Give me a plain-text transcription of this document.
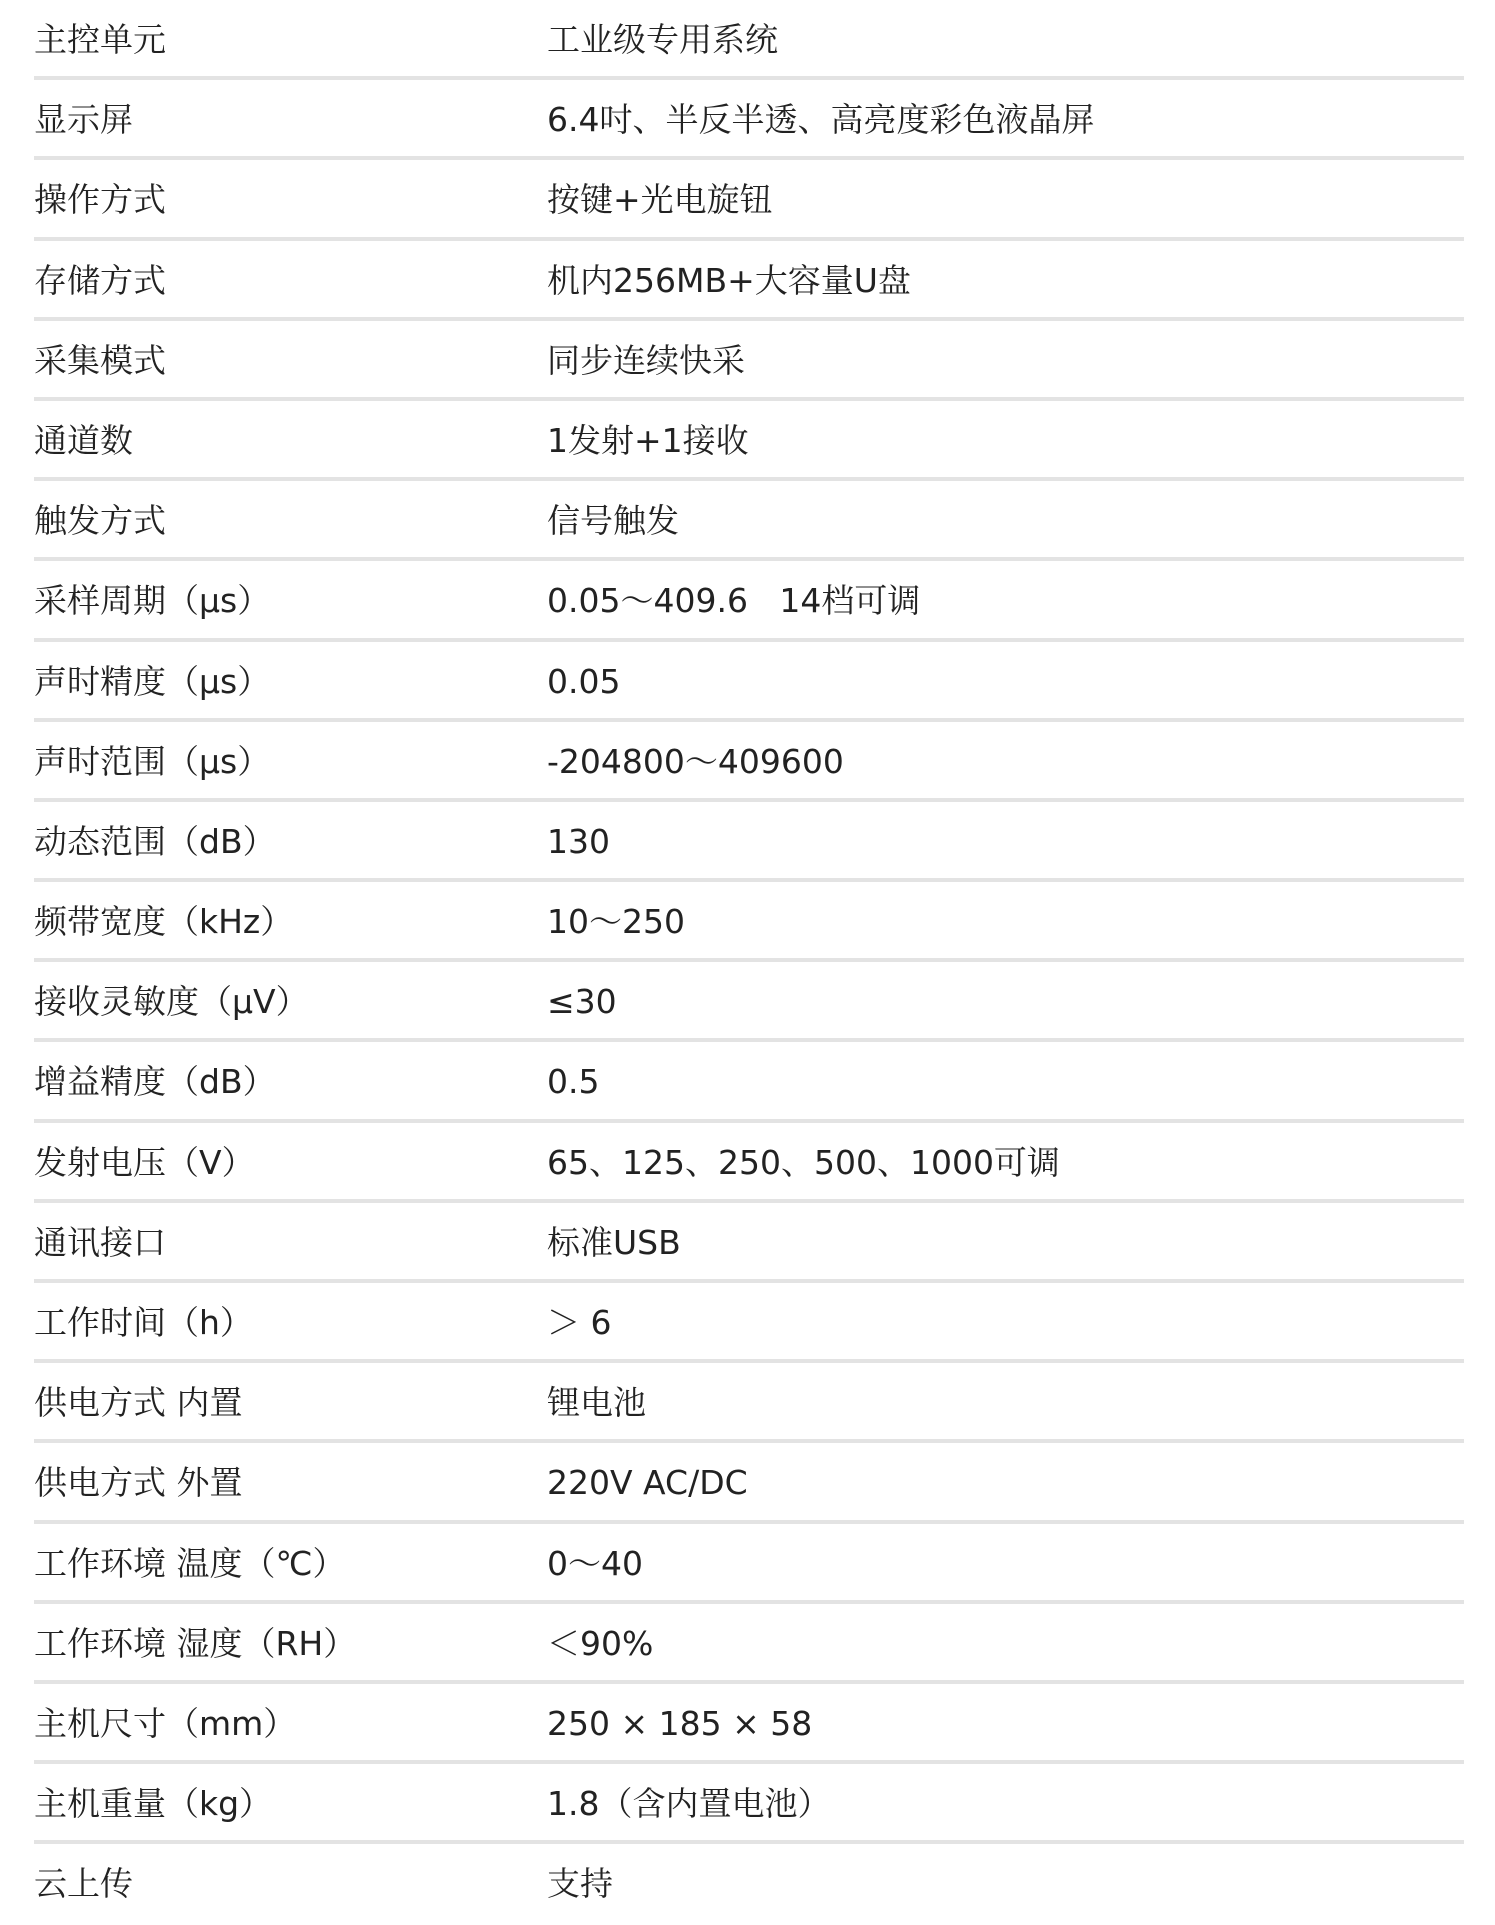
主控单元	工业级专用系统
显示屏	6.4吋、半反半透、高亮度彩色液晶屏
操作方式	按键+光电旋钮
存储方式	机内256MB+大容量U盘
采集模式	同步连续快采
通道数	1发射+1接收
触发方式	信号触发
采样周期（μs）	0.05～409.6   14档可调
声时精度（μs）	0.05
声时范围（μs）	-204800～409600
动态范围（dB）	130
频带宽度（kHz）	10～250
接收灵敏度（μV）	≤30
增益精度（dB）	0.5
发射电压（V）	65、125、250、500、1000可调
通讯接口	标准USB
工作时间（h）	＞ 6
供电方式 内置	锂电池
供电方式 外置	220V AC/DC
工作环境 温度（℃）	0～40
工作环境 湿度（RH）	＜90%
主机尺寸（mm）	250 × 185 × 58
主机重量（kg）	1.8（含内置电池）
云上传	支持
